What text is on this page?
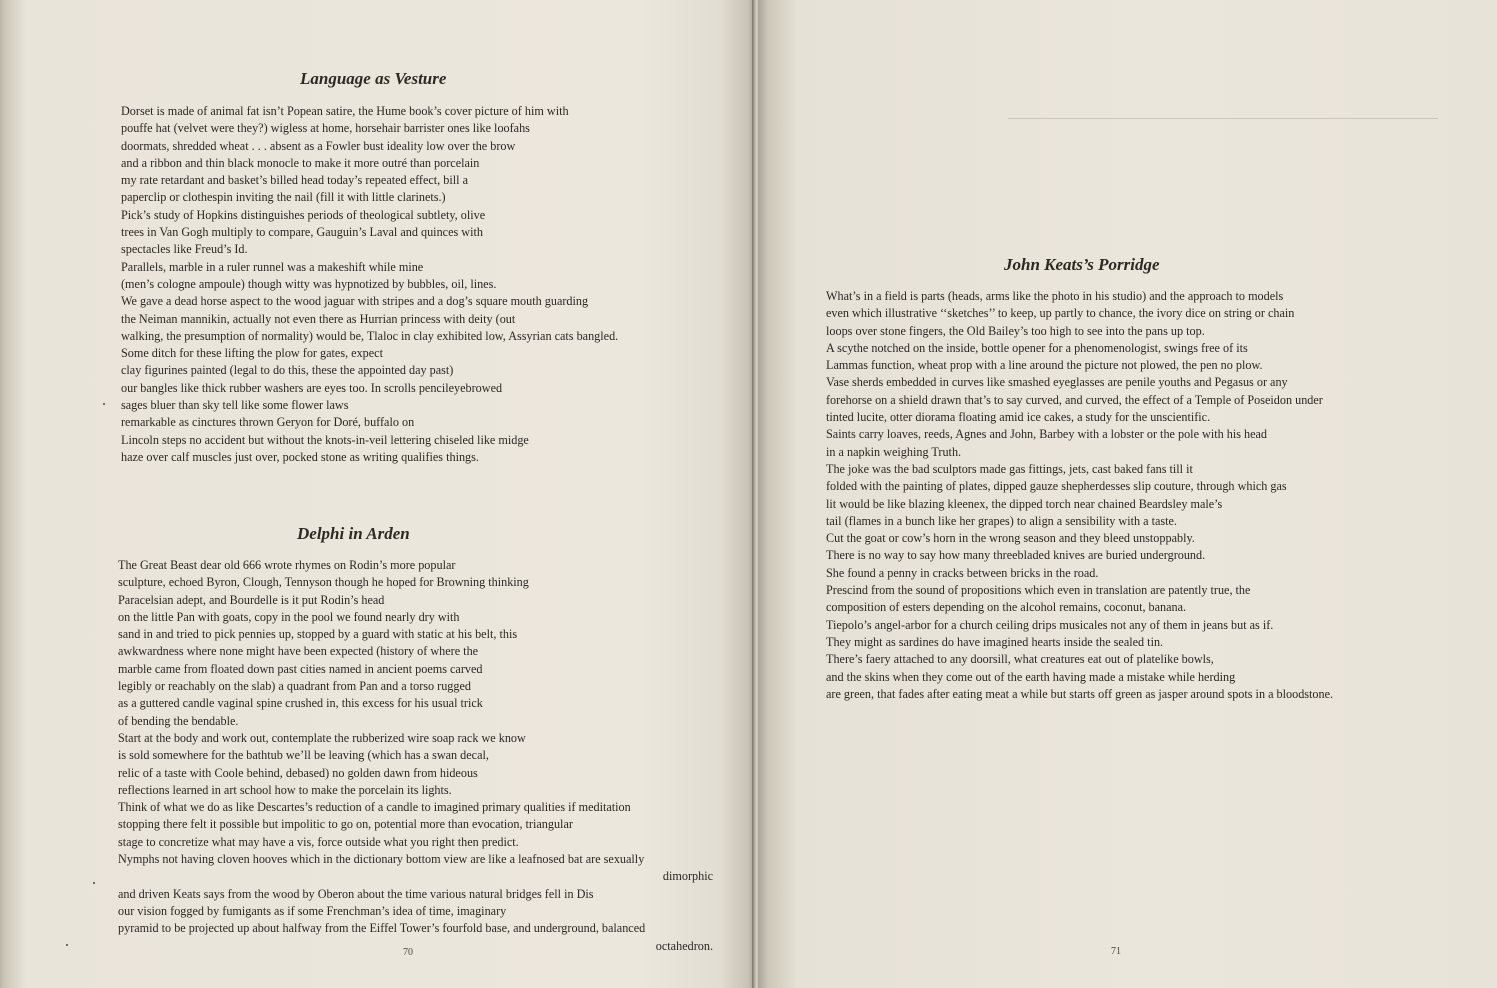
Language as Vesture
Dorset is made of animal fat isn’t Popean satire, the Hume book’s cover picture of him with
pouffe hat (velvet were they?) wigless at home, horsehair barrister ones like loofahs
doormats, shredded wheat . . . absent as a Fowler bust ideality low over the brow
and a ribbon and thin black monocle to make it more outré than porcelain
my rate retardant and basket’s billed head today’s repeated effect, bill a
paperclip or clothespin inviting the nail (fill it with little clarinets.)
Pick’s study of Hopkins distinguishes periods of theological subtlety, olive
trees in Van Gogh multiply to compare, Gauguin’s Laval and quinces with
spectacles like Freud’s Id.
Parallels, marble in a ruler runnel was a makeshift while mine
(men’s cologne ampoule) though witty was hypnotized by bubbles, oil, lines.
We gave a dead horse aspect to the wood jaguar with stripes and a dog’s square mouth guarding
the Neiman mannikin, actually not even there as Hurrian princess with deity (out
walking, the presumption of normality) would be, Tlaloc in clay exhibited low, Assyrian cats bangled.
Some ditch for these lifting the plow for gates, expect
clay figurines painted (legal to do this, these the appointed day past)
our bangles like thick rubber washers are eyes too. In scrolls pencileyebrowed
sages bluer than sky tell like some flower laws
remarkable as cinctures thrown Geryon for Doré, buffalo on
Lincoln steps no accident but without the knots-in-veil lettering chiseled like midge
haze over calf muscles just over, pocked stone as writing qualifies things.
Delphi in Arden
The Great Beast dear old 666 wrote rhymes on Rodin’s more popular
sculpture, echoed Byron, Clough, Tennyson though he hoped for Browning thinking
Paracelsian adept, and Bourdelle is it put Rodin’s head
on the little Pan with goats, copy in the pool we found nearly dry with
sand in and tried to pick pennies up, stopped by a guard with static at his belt, this
awkwardness where none might have been expected (history of where the
marble came from floated down past cities named in ancient poems carved
legibly or reachably on the slab) a quadrant from Pan and a torso rugged
as a guttered candle vaginal spine crushed in, this excess for his usual trick
of bending the bendable.
Start at the body and work out, contemplate the rubberized wire soap rack we know
is sold somewhere for the bathtub we’ll be leaving (which has a swan decal,
relic of a taste with Coole behind, debased) no golden dawn from hideous
reflections learned in art school how to make the porcelain its lights.
Think of what we do as like Descartes’s reduction of a candle to imagined primary qualities if meditation
stopping there felt it possible but impolitic to go on, potential more than evocation, triangular
stage to concretize what may have a vis, force outside what you right then predict.
Nymphs not having cloven hooves which in the dictionary bottom view are like a leafnosed bat are sexually
dimorphic
and driven Keats says from the wood by Oberon about the time various natural bridges fell in Dis
our vision fogged by fumigants as if some Frenchman’s idea of time, imaginary
pyramid to be projected up about halfway from the Eiffel Tower’s fourfold base, and underground, balanced
octahedron.

70

John Keats’s Porridge
What’s in a field is parts (heads, arms like the photo in his studio) and the approach to models
even which illustrative ‘‘sketches’’ to keep, up partly to chance, the ivory dice on string or chain
loops over stone fingers, the Old Bailey’s too high to see into the pans up top.
A scythe notched on the inside, bottle opener for a phenomenologist, swings free of its
Lammas function, wheat prop with a line around the picture not plowed, the pen no plow.
Vase sherds embedded in curves like smashed eyeglasses are penile youths and Pegasus or any
forehorse on a shield drawn that’s to say curved, and curved, the effect of a Temple of Poseidon under
tinted lucite, otter diorama floating amid ice cakes, a study for the unscientific.
Saints carry loaves, reeds, Agnes and John, Barbey with a lobster or the pole with his head
in a napkin weighing Truth.
The joke was the bad sculptors made gas fittings, jets, cast baked fans till it
folded with the painting of plates, dipped gauze shepherdesses slip couture, through which gas
lit would be like blazing kleenex, the dipped torch near chained Beardsley male’s
tail (flames in a bunch like her grapes) to align a sensibility with a taste.
Cut the goat or cow’s horn in the wrong season and they bleed unstoppably.
There is no way to say how many threebladed knives are buried underground.
She found a penny in cracks between bricks in the road.
Prescind from the sound of propositions which even in translation are patently true, the
composition of esters depending on the alcohol remains, coconut, banana.
Tiepolo’s angel-arbor for a church ceiling drips musicales not any of them in jeans but as if.
They might as sardines do have imagined hearts inside the sealed tin.
There’s faery attached to any doorsill, what creatures eat out of platelike bowls,
and the skins when they come out of the earth having made a mistake while herding
are green, that fades after eating meat a while but starts off green as jasper around spots in a bloodstone.

71
